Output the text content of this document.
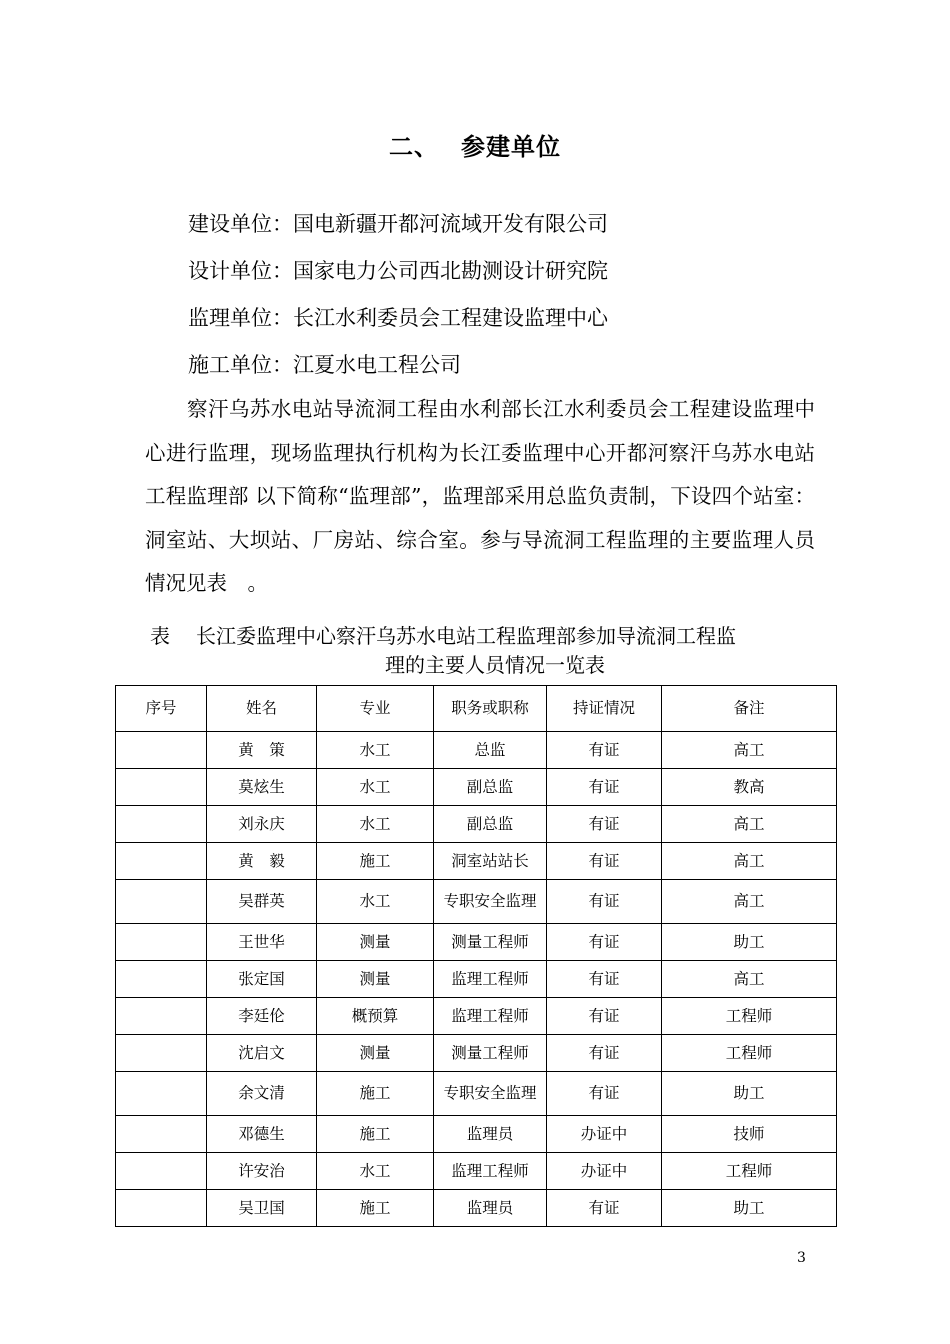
二、 参建单位
建设单位：国电新疆开都河流域开发有限公司
设计单位：国家电力公司西北勘测设计研究院
监理单位：长江水利委员会工程建设监理中心
施工单位：江夏水电工程公司
察汗乌苏水电站导流洞工程由水利部长江水利委员会工程建设监理中心进行监理，现场监理执行机构为长江委监理中心开都河察汗乌苏水电站工程监理部 以下简称“监理部”，监理部采用总监负责制，下设四个站室：洞室站、大坝站、厂房站、综合室。参与导流洞工程监理的主要监理人员情况见表　。
表 长江委监理中心察汗乌苏水电站工程监理部参加导流洞工程监
理的主要人员情况一览表
序号	姓名	专业	职务或职称	持证情况	备注
	黄　策	水工	总监	有证	高工
	莫炫生	水工	副总监	有证	教高
	刘永庆	水工	副总监	有证	高工
	黄　毅	施工	洞室站站长	有证	高工
	吴群英	水工	专职安全监理	有证	高工
	王世华	测量	测量工程师	有证	助工
	张定国	测量	监理工程师	有证	高工
	李廷伦	概预算	监理工程师	有证	工程师
	沈启文	测量	测量工程师	有证	工程师
	余文清	施工	专职安全监理	有证	助工
	邓德生	施工	监理员	办证中	技师
	许安治	水工	监理工程师	办证中	工程师
	吴卫国	施工	监理员	有证	助工
3
